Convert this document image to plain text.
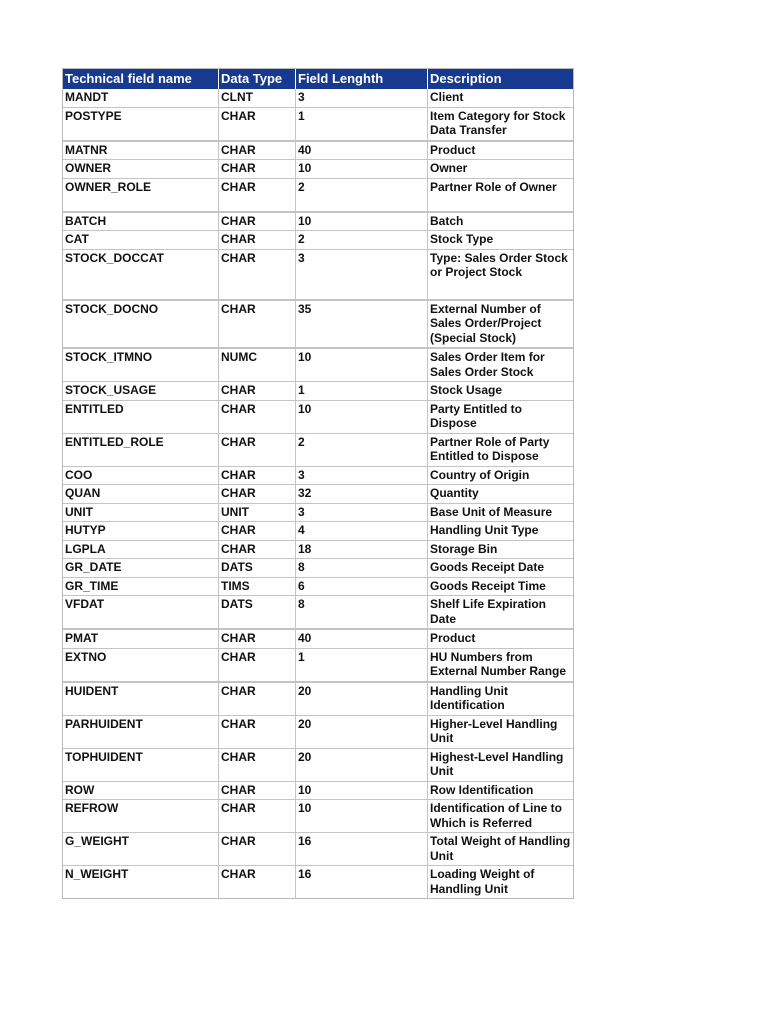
Technical field name	Data Type	Field Lenghth	Description
MANDT	CLNT	3	Client
POSTYPE	CHAR	1	Item Category for Stock Data Transfer
MATNR	CHAR	40	Product
OWNER	CHAR	10	Owner
OWNER_ROLE	CHAR	2	Partner Role of Owner
BATCH	CHAR	10	Batch
CAT	CHAR	2	Stock Type
STOCK_DOCCAT	CHAR	3	Type: Sales Order Stock or Project Stock
STOCK_DOCNO	CHAR	35	External Number of Sales Order/Project (Special Stock)
STOCK_ITMNO	NUMC	10	Sales Order Item for Sales Order Stock
STOCK_USAGE	CHAR	1	Stock Usage
ENTITLED	CHAR	10	Party Entitled to Dispose
ENTITLED_ROLE	CHAR	2	Partner Role of Party Entitled to Dispose
COO	CHAR	3	Country of Origin
QUAN	CHAR	32	Quantity
UNIT	UNIT	3	Base Unit of Measure
HUTYP	CHAR	4	Handling Unit Type
LGPLA	CHAR	18	Storage Bin
GR_DATE	DATS	8	Goods Receipt Date
GR_TIME	TIMS	6	Goods Receipt Time
VFDAT	DATS	8	Shelf Life Expiration Date
PMAT	CHAR	40	Product
EXTNO	CHAR	1	HU Numbers from External Number Range
HUIDENT	CHAR	20	Handling Unit Identification
PARHUIDENT	CHAR	20	Higher-Level Handling Unit
TOPHUIDENT	CHAR	20	Highest-Level Handling Unit
ROW	CHAR	10	Row Identification
REFROW	CHAR	10	Identification of Line to Which is Referred
G_WEIGHT	CHAR	16	Total Weight of Handling Unit
N_WEIGHT	CHAR	16	Loading Weight of Handling Unit
